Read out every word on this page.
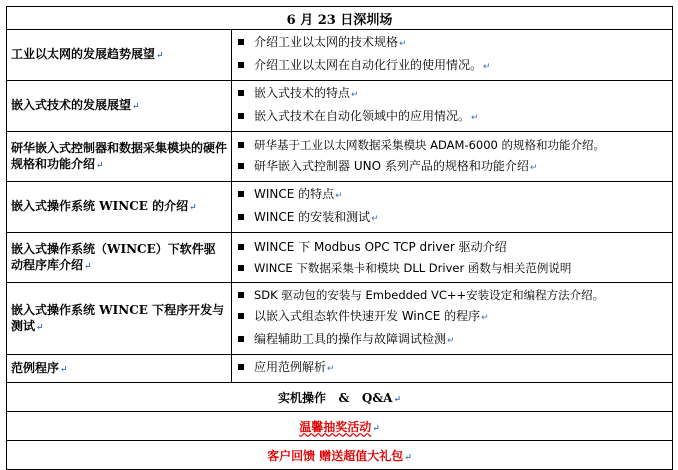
6 月 23 日深圳场	
工业以太网的发展趋势展望↵	介绍工业以太网的技术规格↵
介绍工业以太网在自动化行业的使用情况。↵

嵌入式技术的发展展望↵	嵌入式技术的特点↵
嵌入式技术在自动化领域中的应用情况。↵

研华嵌入式控制器和数据采集模块的硬件规格和功能介绍↵	研华基于工业以太网数据采集模块 ADAM-6000 的规格和功能介绍。
研华嵌入式控制器 UNO 系列产品的规格和功能介绍↵

嵌入式操作系统 WINCE 的介绍↵	WINCE 的特点↵
WINCE 的安装和测试↵

嵌入式操作系统（WINCE）下软件驱动程序库介绍↵	WINCE 下 Modbus OPC TCP driver 驱动介绍
WINCE 下数据采集卡和模块 DLL Driver 函数与相关范例说明

嵌入式操作系统 WINCE 下程序开发与测试↵	SDK 驱动包的安装与 Embedded VC++安装设定和编程方法介绍。
以嵌入式组态软件快速开发 WinCE 的程序↵
编程辅助工具的操作与故障调试检测↵

范例程序↵	应用范例解析↵

实机操作   &   Q&A↵	
温馨抽奖活动↵	
客户回馈 赠送超值大礼包↵	
